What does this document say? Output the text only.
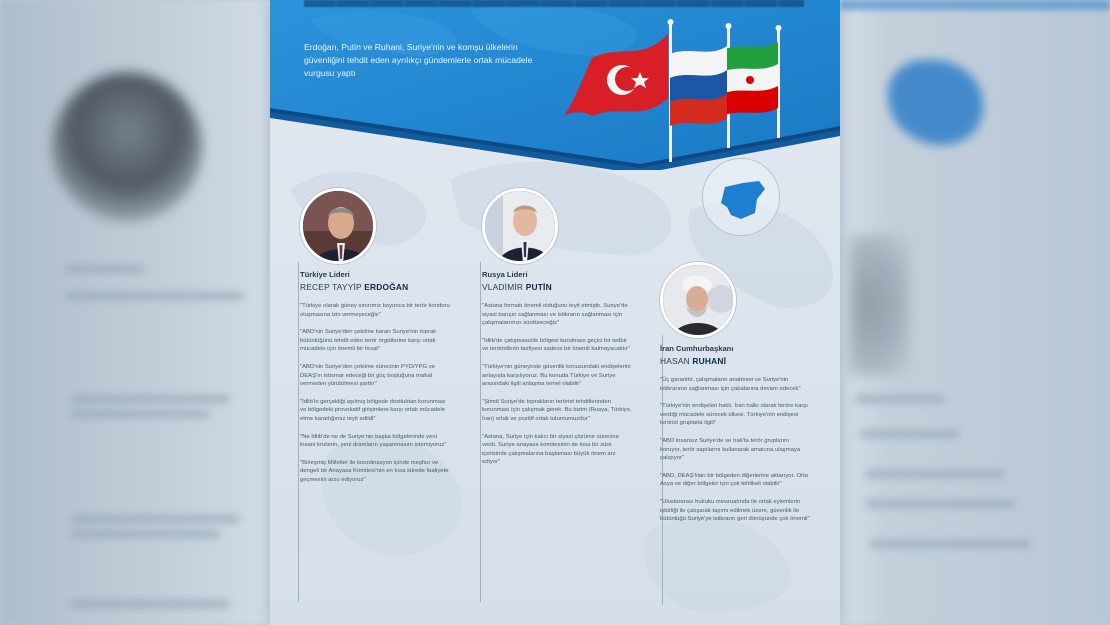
Erdoğan, Putin ve Ruhani, Suriye'nin ve komşu ülkelerin güvenliğini tehdit eden ayrılıkçı gündemlerle ortak mücadele vurgusu yaptı
Türkiye Lideri
RECEP TAYYİP ERDOĞAN
"Türkiye olarak güney sınırımız boyunca bir terör koridoru oluşmasına izin vermeyeceğiz"
"ABD'nin Suriye'den çekilme kararı Suriye'nin toprak bütünlüğünü tehdit eden terör örgütlerine karşı ortak mücadele için önemli bir fırsat"
"ABD'nin Suriye'den çekilme sürecinin PYD/YPG ve DEAŞ'ın istismar edeceği bir güç boşluğuna mahal vermeden yürütülmesi şarttır"
"İdlib'in gerçekliği aşılmış bölgede dostluktan korunması ve bölgedeki provokatif girişimlere karşı ortak mücadele etme kararlığımız teyit edildi"
"Ne İdlib'de ne de Suriye'nin başka bölgelerinde yeni insani krizlerin, yeni dramların yaşanmasını istemiyoruz"
"Birleşmiş Milletler ile koordinasyon içinde meşhur ve dengeli bir Anayasa Komitesi'nin en kısa sürede faaliyete geçmesini arzu ediyoruz"
Rusya Lideri
VLADİMİR PUTİN
"Astana formatı önemli olduğunu teyit etmiştir. Suriye'de siyasi barışın sağlanması ve istikrarın sağlanması için çalışmalarımızı sürdüreceğiz"
"İdlib'de çatışmasızlık bölgesi kurulması geçici bir tedbir ve teröristlerin tasfiyesi sadece bir önemli kalmayacaktır"
"Türkiye'nin güneyinde güvenlik konusundaki endişelerini anlayışla karşılıyoruz. Bu konuda Türkiye ve Suriye arasındaki ilgili anlaşma temel olabilir"
"Şimdi Suriye'de toprakların terörist tehditlerinden korunması için çalışmak gerek. Bu bizim (Rusya, Türkiye, İran) ortak ve pozitif ortak tutumumuzdur"
"Astana, Suriye için kalıcı bir siyasi çözüme sürecine verdi. Suriye anayasa komitesinin de kısa bir süre içerisinde çalışmalarına başlaması büyük önem arz ediyor"
İran Cumhurbaşkanı
HASAN RUHANİ
"Üç garantör, çalışmaların anatmesi ve Suriye'nin istikrarının sağlanması için çabalarına devam edecek"
"Türkiye'nin endişeleri haklı. İran halkı olarak teröre karşı verdiği mücadele sürecek ülkesi. Türkiye'nin endişesi terörist gruplarla ilgili"
"ABD insansız Suriye'de ve Irak'ta terör gruplarını koruyor, terör sapılarını kullanarak amacına ulaşmaya çalışıyor"
"ABD, DEAŞ'lıları bir bölgeden diğerlerine aktarıyor. Orta Asya ve diğer bölgeler için çok tehlikeli olabilir"
"Uluslararası hukuku mevzuatında ile ortak eylemlerin işbirliği ile çalışarak taşımı edilmek üzere, güvenlik ile bütünlüğü Suriye'ye istikrarın geri dönüşünde çok önemli"
